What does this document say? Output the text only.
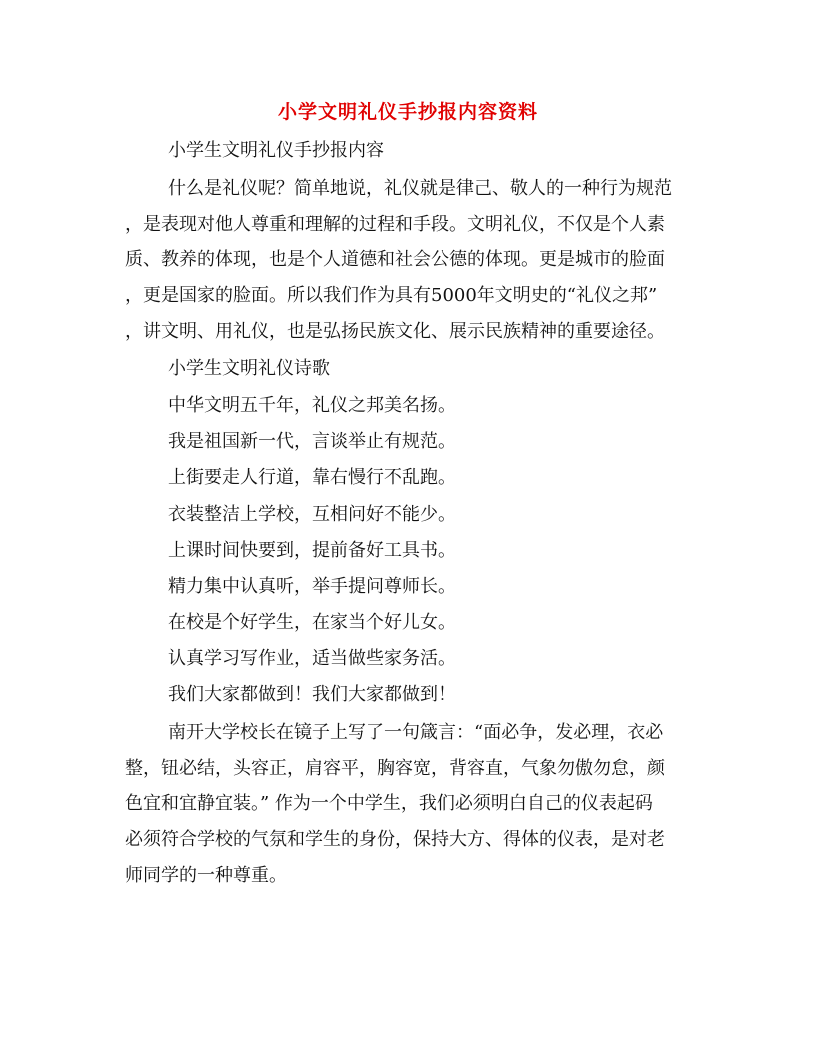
小学文明礼仪手抄报内容资料
小学生文明礼仪手抄报内容
什么是礼仪呢？简单地说，礼仪就是律己、敬人的一种行为规范
，是表现对他人尊重和理解的过程和手段。文明礼仪，不仅是个人素
质、教养的体现，也是个人道德和社会公德的体现。更是城市的脸面
，更是国家的脸面。所以我们作为具有5000年文明史的“礼仪之邦”
，讲文明、用礼仪，也是弘扬民族文化、展示民族精神的重要途径。
小学生文明礼仪诗歌
中华文明五千年，礼仪之邦美名扬。
我是祖国新一代，言谈举止有规范。
上街要走人行道，靠右慢行不乱跑。
衣装整洁上学校，互相问好不能少。
上课时间快要到，提前备好工具书。
精力集中认真听，举手提问尊师长。
在校是个好学生，在家当个好儿女。
认真学习写作业，适当做些家务活。
我们大家都做到！我们大家都做到！
南开大学校长在镜子上写了一句箴言：“面必争，发必理，衣必
整，钮必结，头容正，肩容平，胸容宽，背容直，气象勿傲勿怠，颜
色宜和宜静宜装。” 作为一个中学生，我们必须明白自己的仪表起码
必须符合学校的气氛和学生的身份，保持大方、得体的仪表，是对老
师同学的一种尊重。
